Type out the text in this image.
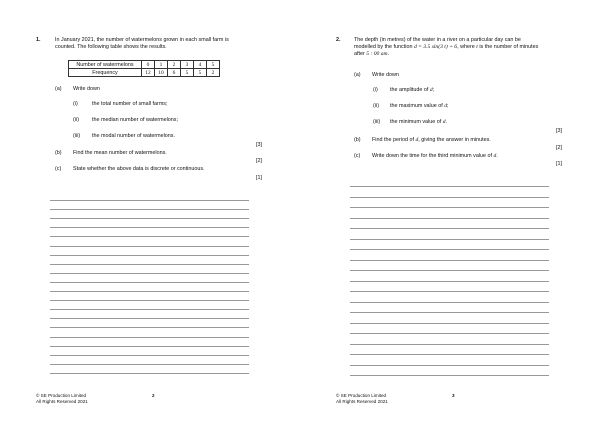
1.	In January 2021, the number of watermelons grown in each small farm is
counted. The following table shows the results.
Number of watermelons	0	1	2	3	4	5
Frequency	12	10	6	5	5	2
(a) Write down
(i)	the total number of small farms;
(ii) the median number of watermelons;
(iii) the modal number of watermelons.
[3]
(b) Find the mean number of watermelons.
[2]
(c) State whether the above data is discrete or continuous.
[1]
© SE Production Limited
All Rights Reserved 2021
2
2.	The depth (in metres) of the water in a river on a particular day can be
modelled by the function d = 3.5 sin(3 t) + 6, where t is the number of minutes
after 5 : 00 am.
(a) Write down
(i) the amplitude of d;
(ii) the maximum value of d;
(iii) the minimum value of d.
[3]
(b) Find the period of d, giving the answer in minutes.
[2]
(c) Write down the time for the third minimum value of d.
[1]
© SE Production Limited
All Rights Reserved 2021
3
